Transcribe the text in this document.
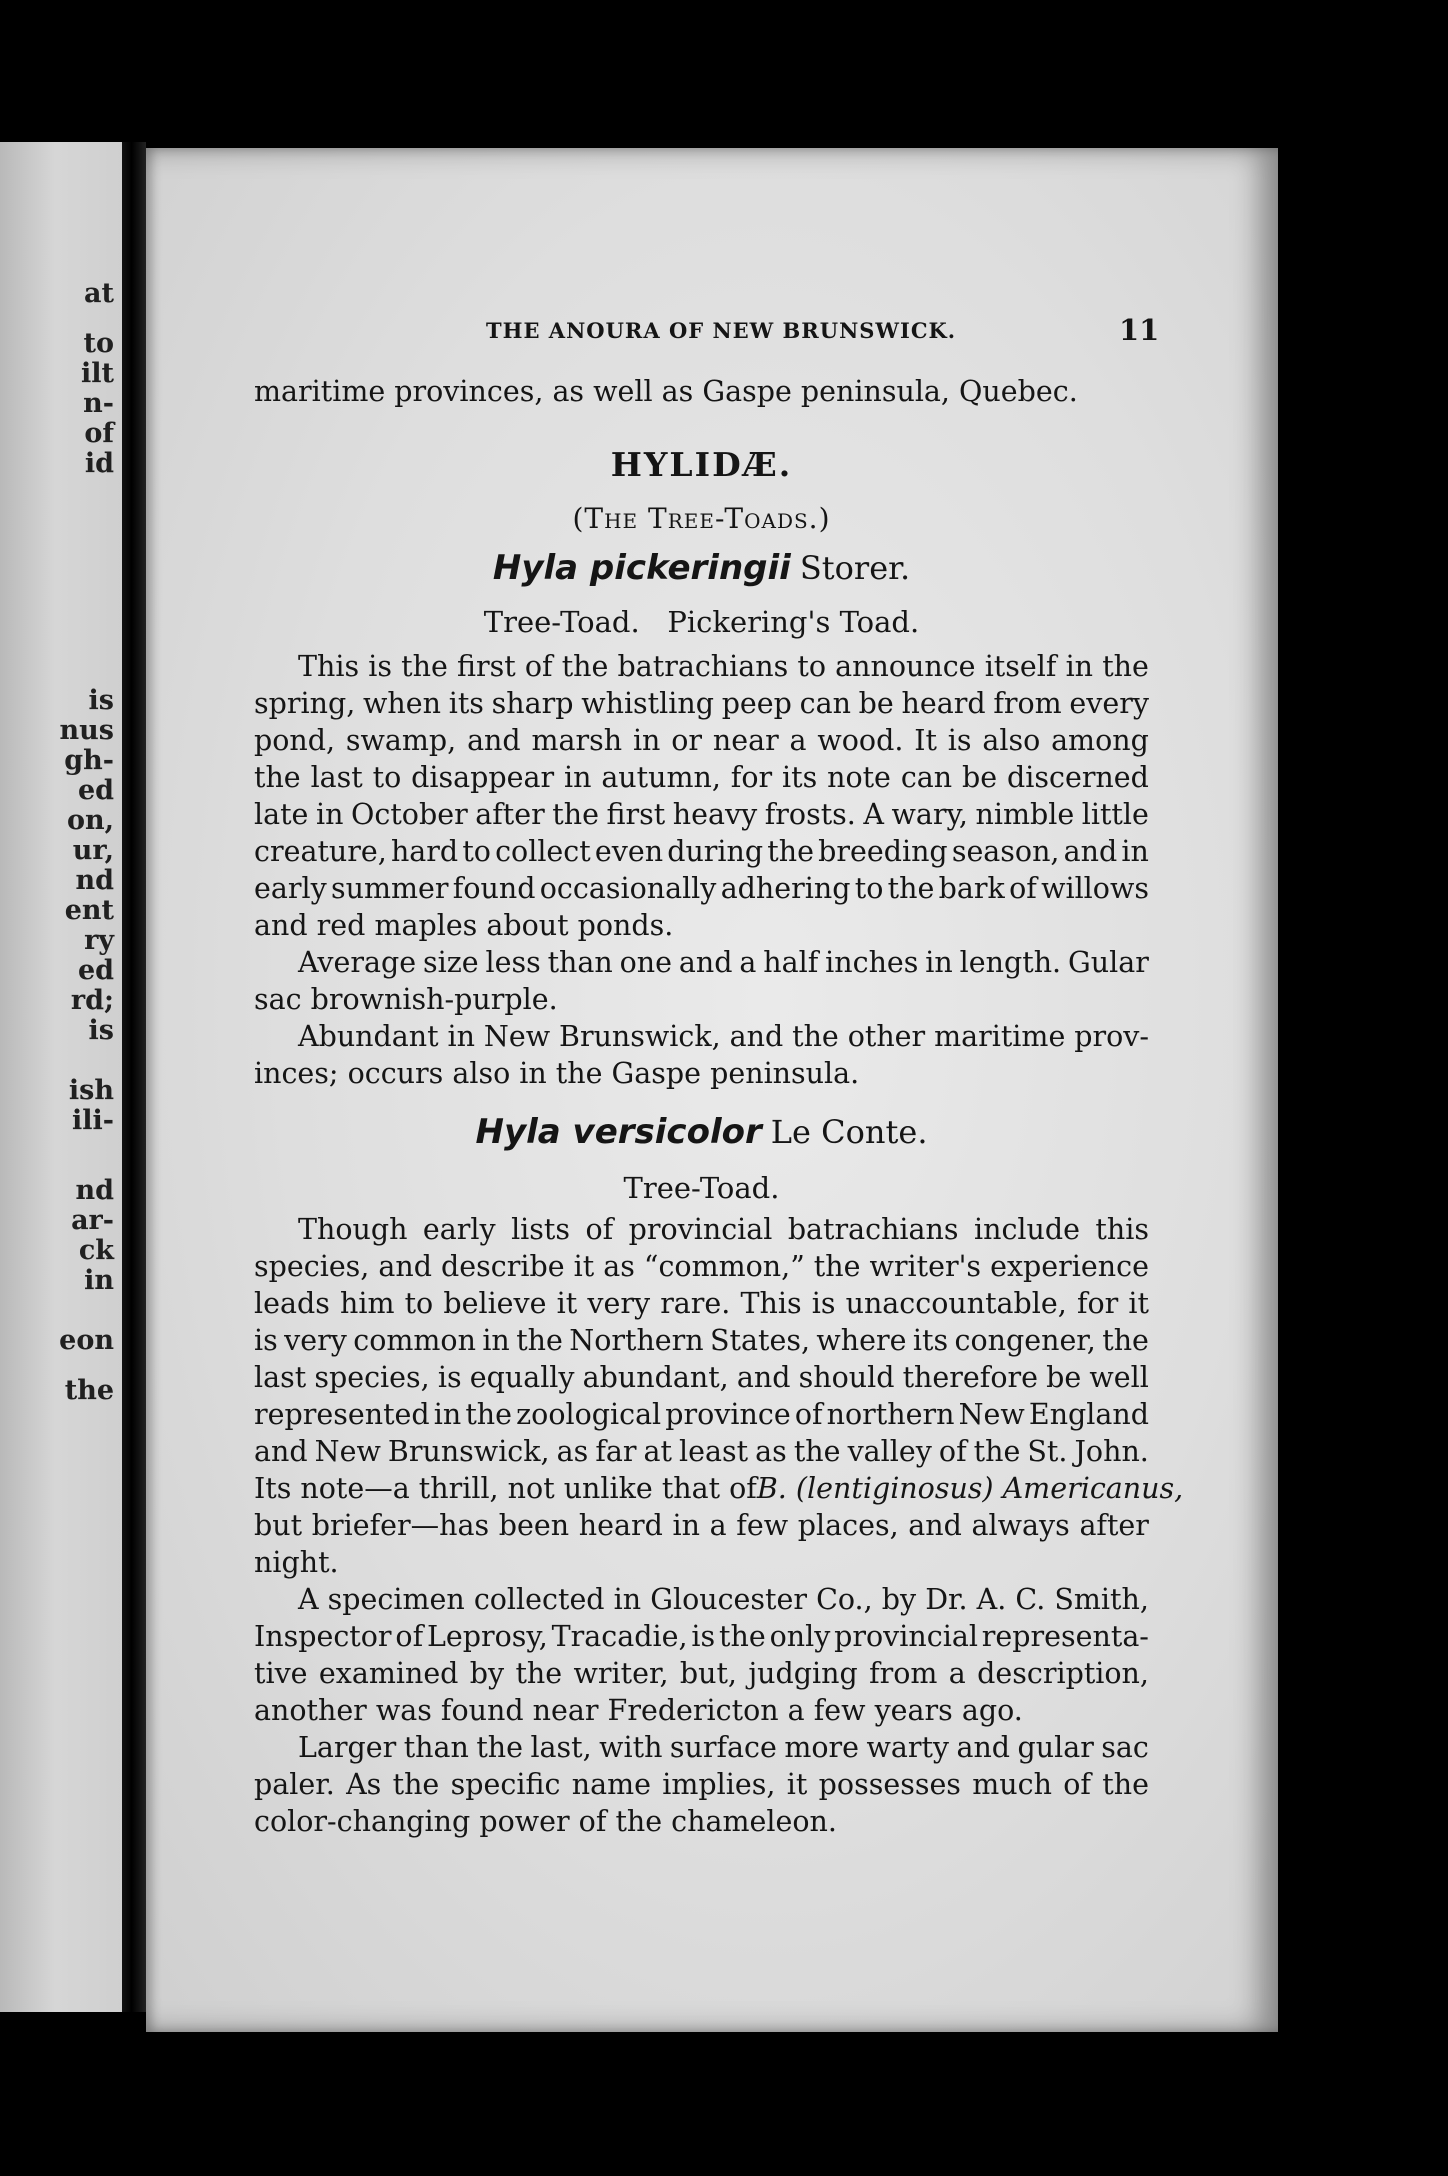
at
to
ilt
n-
of
id
is
nus
gh-
ed
on,
ur,
nd
ent
ry
ed
rd;
is
ish
ili-
nd
ar-
ck
in
eon
the
THE ANOURA OF NEW BRUNSWICK.	11
maritime provinces, as well as Gaspe peninsula, Quebec.
HYLIDÆ.
(The Tree-Toads.)
Hyla pickeringii Storer.
Tree-Toad.   Pickering's Toad.
This is the first of the batrachians to announce itself in the
spring, when its sharp whistling peep can be heard from every
pond, swamp, and marsh in or near a wood. It is also among
the last to disappear in autumn, for its note can be discerned
late in October after the first heavy frosts. A wary, nimble little
creature, hard to collect even during the breeding season, and in
early summer found occasionally adhering to the bark of willows
and red maples about ponds.
Average size less than one and a half inches in length. Gular
sac brownish-purple.
Abundant in New Brunswick, and the other maritime prov-
inces; occurs also in the Gaspe peninsula.
Hyla versicolor Le Conte.
Tree-Toad.
Though early lists of provincial batrachians include this
species, and describe it as “common,” the writer's experience
leads him to believe it very rare. This is unaccountable, for it
is very common in the Northern States, where its congener, the
last species, is equally abundant, and should therefore be well
represented in the zoological province of northern New England
and New Brunswick, as far at least as the valley of the St. John.
Its note—a thrill, not unlike that of B. (lentiginosus) Americanus,
but briefer—has been heard in a few places, and always after
night.
A specimen collected in Gloucester Co., by Dr. A. C. Smith,
Inspector of Leprosy, Tracadie, is the only provincial representa-
tive examined by the writer, but, judging from a description,
another was found near Fredericton a few years ago.
Larger than the last, with surface more warty and gular sac
paler. As the specific name implies, it possesses much of the
color-changing power of the chameleon.
